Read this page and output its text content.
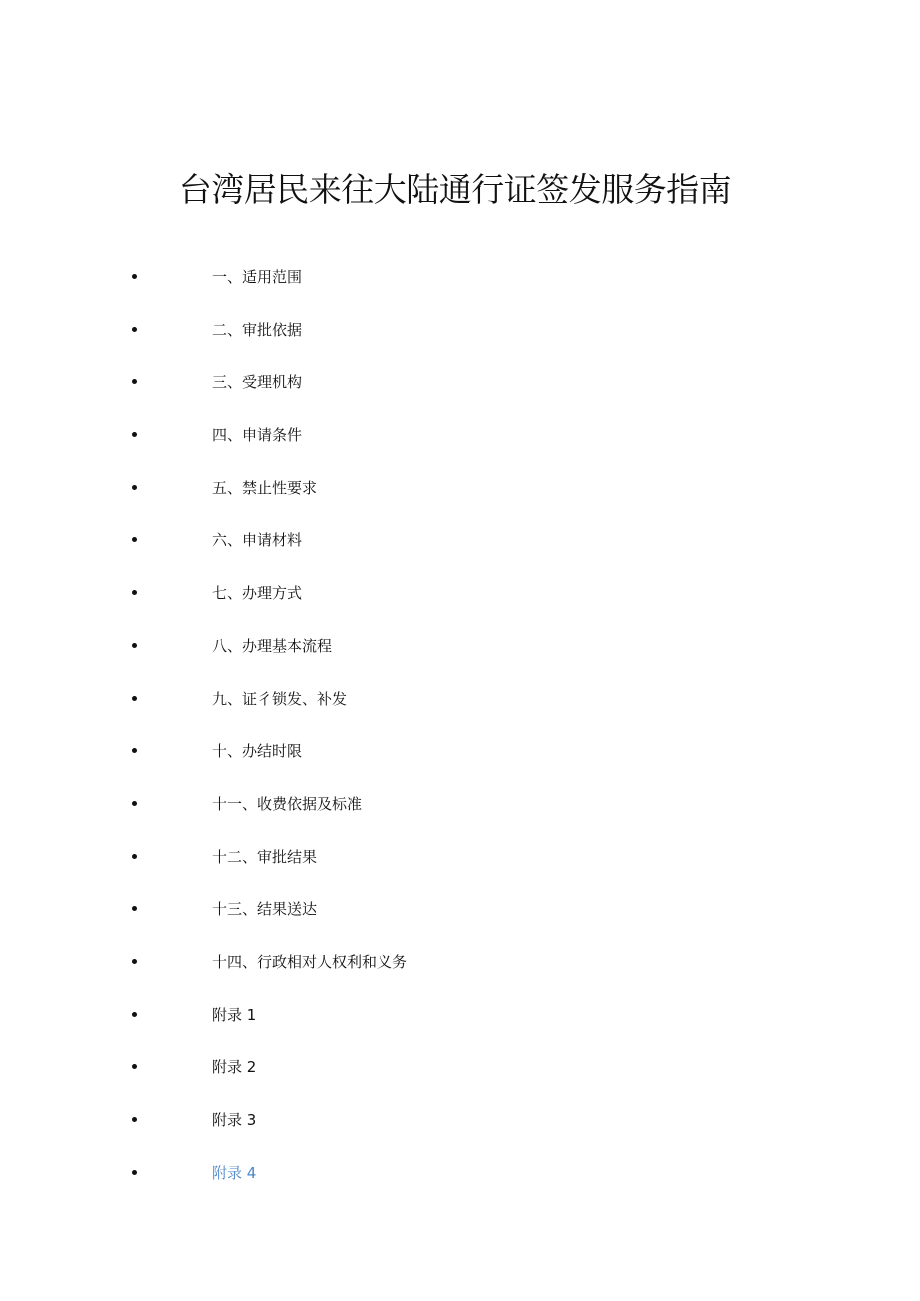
台湾居民来往大陆通行证签发服务指南
一、适用范围
二、审批依据
三、受理机构
四、申请条件
五、禁止性要求
六、申请材料
七、办理方式
八、办理基本流程
九、证彳锁发、补发
十、办结时限
十一、收费依据及标准
十二、审批结果
十三、结果送达
十四、行政相对人权利和义务
附录 1
附录 2
附录 3
附录 4
